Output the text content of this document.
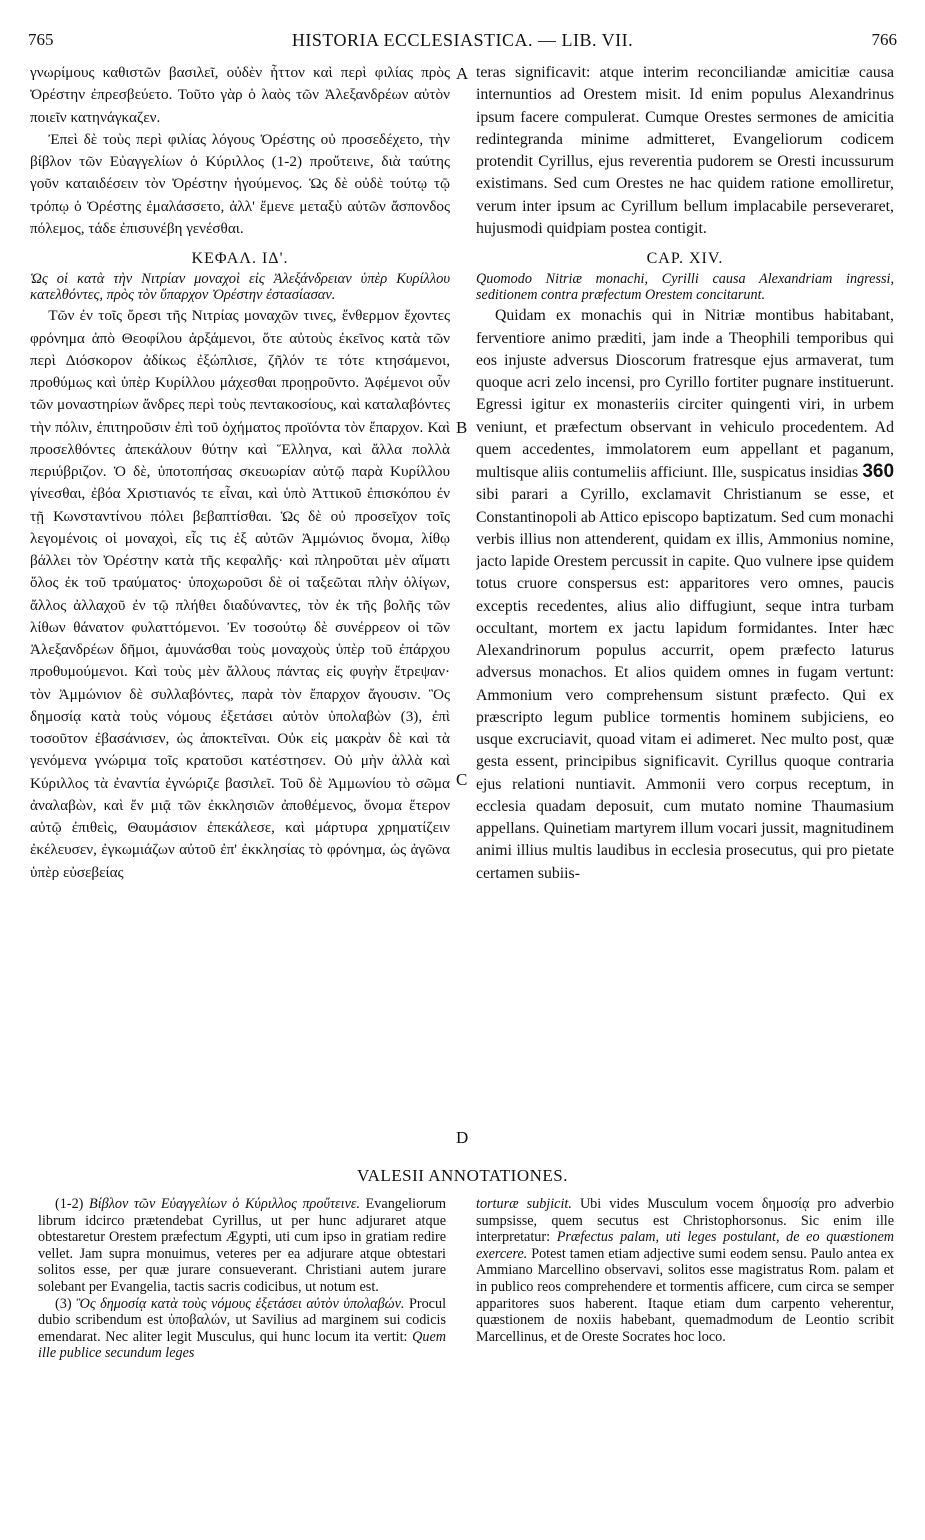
765	HISTORIA ECCLESIASTICA. — LIB. VII.	766

γνωρίμους καθιστῶν βασιλεῖ, οὐδὲν ἧττον καὶ περὶ φιλίας πρὸς Ὀρέστην ἐπρεσβεύετο. Τοῦτο γὰρ ὁ λαὸς τῶν Ἀλεξανδρέων αὐτὸν ποιεῖν κατηνάγκαζεν.

Ἐπεὶ δὲ τοὺς περὶ φιλίας λόγους Ὀρέστης οὐ προσεδέχετο, τὴν βίβλον τῶν Εὐαγγελίων ὁ Κύριλλος (1-2) προὔτεινε, διὰ ταύτης γοῦν καταιδέσειν τὸν Ὀρέστην ἡγούμενος. Ὡς δὲ οὐδὲ τούτῳ τῷ τρόπῳ ὁ Ὀρέστης ἐμαλάσσετο, ἀλλ' ἔμενε μεταξὺ αὐτῶν ἄσπονδος πόλεμος, τάδε ἐπισυνέβη γενέσθαι.

ΚΕΦΑΛ. ΙΔ'.

Ὡς οἱ κατὰ τὴν Νιτρίαν μοναχοὶ εἰς Ἀλεξάνδρειαν ὑπὲρ Κυρίλλου κατελθόντες, πρὸς τὸν ὕπαρχον Ὀρέστην ἐστασίασαν.

Τῶν ἐν τοῖς ὄρεσι τῆς Νιτρίας μοναχῶν τινες, ἔνθερμον ἔχοντες φρόνημα ἀπὸ Θεοφίλου ἀρξάμενοι, ὅτε αὐτοὺς ἐκεῖνος κατὰ τῶν περὶ Διόσκορον ἀδίκως ἐξώπλισε, ζῆλόν τε τότε κτησάμενοι, προθύμως καὶ ὑπὲρ Κυρίλλου μάχεσθαι προῃροῦντο. Ἀφέμενοι οὖν τῶν μοναστηρίων ἄνδρες περὶ τοὺς πεντακοσίους, καὶ καταλαβόντες τὴν πόλιν, ἐπιτηροῦσιν ἐπὶ τοῦ ὀχήματος προϊόντα τὸν ἔπαρχον. Καὶ προσελθόντες ἀπεκάλουν θύτην καὶ Ἕλληνα, καὶ ἄλλα πολλὰ περιύβριζον. Ὁ δὲ, ὑποτοπήσας σκευωρίαν αὐτῷ παρὰ Κυρίλλου γίνεσθαι, ἐβόα Χριστιανός τε εἶναι, καὶ ὑπὸ Ἀττικοῦ ἐπισκόπου ἐν τῇ Κωνσταντίνου πόλει βεβαπτίσθαι. Ὡς δὲ οὐ προσεῖχον τοῖς λεγομένοις οἱ μοναχοὶ, εἷς τις ἐξ αὐτῶν Ἀμμώνιος ὄνομα, λίθῳ βάλλει τὸν Ὀρέστην κατὰ τῆς κεφαλῆς· καὶ πληροῦται μὲν αἵματι ὅλος ἐκ τοῦ τραύματος· ὑποχωροῦσι δὲ οἱ ταξεῶται πλὴν ὀλίγων, ἄλλος ἀλλαχοῦ ἐν τῷ πλήθει διαδύναντες, τὸν ἐκ τῆς βολῆς τῶν λίθων θάνατον φυλαττόμενοι. Ἐν τοσούτῳ δὲ συνέρρεον οἱ τῶν Ἀλεξανδρέων δῆμοι, ἀμυνάσθαι τοὺς μοναχοὺς ὑπὲρ τοῦ ἐπάρχου προθυμούμενοι. Καὶ τοὺς μὲν ἄλλους πάντας εἰς φυγὴν ἔτρεψαν· τὸν Ἀμμώνιον δὲ συλλαβόντες, παρὰ τὸν ἔπαρχον ἄγουσιν. Ὃς δημοσίᾳ κατὰ τοὺς νόμους ἐξετάσει αὐτὸν ὑπολαβὼν (3), ἐπὶ τοσοῦτον ἐβασάνισεν, ὡς ἀποκτεῖναι. Οὐκ εἰς μακρὰν δὲ καὶ τὰ γενόμενα γνώριμα τοῖς κρατοῦσι κατέστησεν. Οὐ μὴν ἀλλὰ καὶ Κύριλλος τὰ ἐναντία ἐγνώριζε βασιλεῖ. Τοῦ δὲ Ἀμμωνίου τὸ σῶμα ἀναλαβὼν, καὶ ἔν μιᾷ τῶν ἐκκλησιῶν ἀποθέμενος, ὄνομα ἕτερον αὐτῷ ἐπιθεὶς, Θαυμάσιον ἐπεκάλεσε, καὶ μάρτυρα χρηματίζειν ἐκέλευσεν, ἐγκωμιάζων αὐτοῦ ἐπ' ἐκκλησίας τὸ φρόνημα, ὡς ἀγῶνα ὑπὲρ εὐσεβείας

A
B
C
D

teras significavit: atque interim reconciliandæ amicitiæ causa internuntios ad Orestem misit. Id enim populus Alexandrinus ipsum facere compulerat. Cumque Orestes sermones de amicitia redintegranda minime admitteret, Evangeliorum codicem protendit Cyrillus, ejus reverentia pudorem se Oresti incussurum existimans. Sed cum Orestes ne hac quidem ratione emolliretur, verum inter ipsum ac Cyrillum bellum implacabile perseveraret, hujusmodi quidpiam postea contigit.

CAP. XIV.

Quomodo Nitriæ monachi, Cyrilli causa Alexandriam ingressi, seditionem contra præfectum Orestem concitarunt.

Quidam ex monachis qui in Nitriæ montibus habitabant, ferventiore animo præditi, jam inde a Theophili temporibus qui eos injuste adversus Dioscorum fratresque ejus armaverat, tum quoque acri zelo incensi, pro Cyrillo fortiter pugnare instituerunt. Egressi igitur ex monasteriis circiter quingenti viri, in urbem veniunt, et præfectum observant in vehiculo procedentem. Ad quem accedentes, immolatorem eum appellant et paganum, multisque aliis contumeliis afficiunt. Ille, suspicatus insidias 360 sibi parari a Cyrillo, exclamavit Christianum se esse, et Constantinopoli ab Attico episcopo baptizatum. Sed cum monachi verbis illius non attenderent, quidam ex illis, Ammonius nomine, jacto lapide Orestem percussit in capite. Quo vulnere ipse quidem totus cruore conspersus est: apparitores vero omnes, paucis exceptis recedentes, alius alio diffugiunt, seque intra turbam occultant, mortem ex jactu lapidum formidantes. Inter hæc Alexandrinorum populus accurrit, opem præfecto laturus adversus monachos. Et alios quidem omnes in fugam vertunt: Ammonium vero comprehensum sistunt præfecto. Qui ex præscripto legum publice tormentis hominem subjiciens, eo usque excruciavit, quoad vitam ei adimeret. Nec multo post, quæ gesta essent, principibus significavit. Cyrillus quoque contraria ejus relationi nuntiavit. Ammonii vero corpus receptum, in ecclesia quadam deposuit, cum mutato nomine Thaumasium appellans. Quinetiam martyrem illum vocari jussit, magnitudinem animi illius multis laudibus in ecclesia prosecutus, qui pro pietate certamen subiis-

VALESII ANNOTATIONES.

(1-2) Βίβλον τῶν Εὐαγγελίων ὁ Κύριλλος προὔτεινε. Evangeliorum librum idcirco prætendebat Cyrillus, ut per hunc adjuraret atque obtestaretur Orestem præfectum Ægypti, uti cum ipso in gratiam redire vellet. Jam supra monuimus, veteres per ea adjurare atque obtestari solitos esse, per quæ jurare consueverant. Christiani autem jurare solebant per Evangelia, tactis sacris codicibus, ut notum est.

(3) Ὃς δημοσίᾳ κατὰ τοὺς νόμους ἐξετάσει αὐτὸν ὑπολαβών. Procul dubio scribendum est ὑποβαλών, ut Savilius ad marginem sui codicis emendarat. Nec aliter legit Musculus, qui hunc locum ita vertit: Quem ille publice secundum leges

torturæ subjicit. Ubi vides Musculum vocem δημοσίᾳ pro adverbio sumpsisse, quem secutus est Christophorsonus. Sic enim ille interpretatur: Præfectus palam, uti leges postulant, de eo quæstionem exercere. Potest tamen etiam adjective sumi eodem sensu. Paulo antea ex Ammiano Marcellino observavi, solitos esse magistratus Rom. palam et in publico reos comprehendere et tormentis afficere, cum circa se semper apparitores suos haberent. Itaque etiam dum carpento veherentur, quæstionem de noxiis habebant, quemadmodum de Leontio scribit Marcellinus, et de Oreste Socrates hoc loco.
